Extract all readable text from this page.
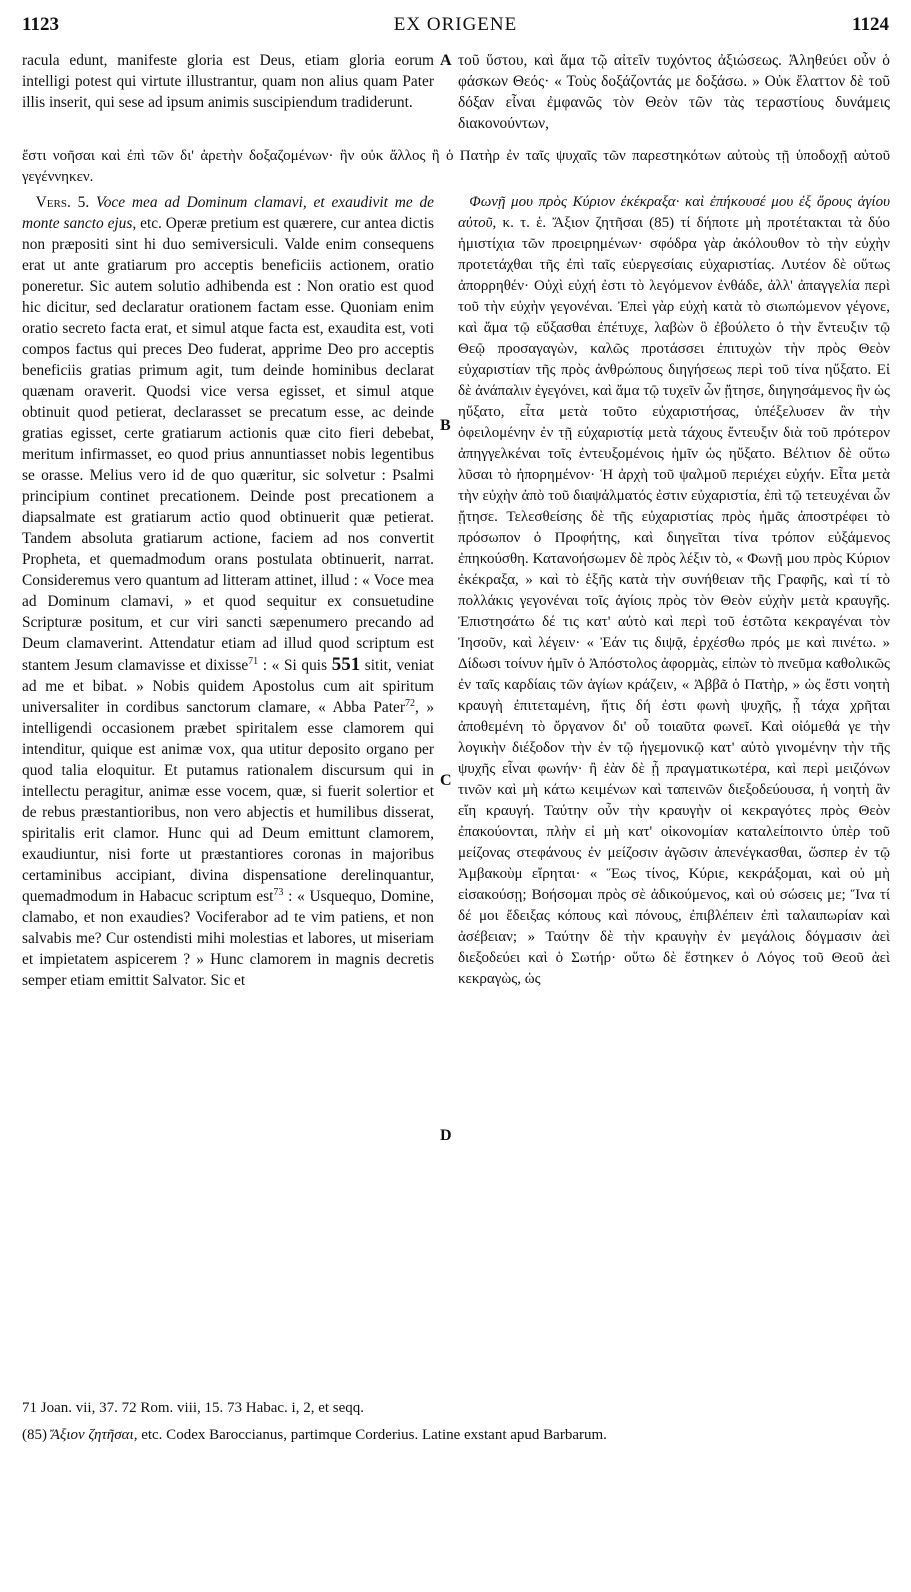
1123	EX ORIGENE	1124

racula edunt, manifeste gloria est Deus, etiam gloria eorum intelligi potest qui virtute illustrantur, quam non alius quam Pater illis inserit, qui sese ad ipsum animis suscipiendum tradiderunt.

τοῦ ὕστου, καὶ ἅμα τῷ αἰτεῖν τυχόντος ἀξιώσεως. Ἀληθεύει οὖν ὁ φάσκων Θεός· « Τοὺς δοξάζοντάς με δοξάσω. » Οὐκ ἔλαττον δὲ τοῦ δόξαν εἶναι ἐμφανῶς τὸν Θεὸν τῶν τὰς τεραστίους δυνάμεις διακονούντων,

ἔστι νοῆσαι καὶ ἐπὶ τῶν δι' ἀρετὴν δοξαζομένων· ἣν οὐκ ἄλλος ἢ ὁ Πατὴρ ἐν ταῖς ψυχαῖς τῶν παρεστηκότων αὐτοὺς τῇ ὑποδοχῇ αὐτοῦ γεγέννηκεν.

Vers. 5. Voce mea ad Dominum clamavi, et exaudivit me de monte sancto ejus, etc. Operæ pretium est quærere, cur antea dictis non præpositi sint hi duo semiversiculi. Valde enim consequens erat ut ante gratiarum pro acceptis beneficiis actionem, oratio poneretur. Sic autem solutio adhibenda est : Non oratio est quod hic dicitur, sed declaratur orationem factam esse. Quoniam enim oratio secreto facta erat, et simul atque facta est, exaudita est, voti compos factus qui preces Deo fuderat, apprime Deo pro acceptis beneficiis gratias primum agit, tum deinde hominibus declarat quænam oraverit. Quodsi vice versa egisset, et simul atque obtinuit quod petierat, declarasset se precatum esse, ac deinde gratias egisset, certe gratiarum actionis quæ cito fieri debebat, meritum infirmasset, eo quod prius annuntiasset nobis legentibus se orasse. Melius vero id de quo quæritur, sic solvetur : Psalmi principium continet precationem. Deinde post precationem a diapsalmate est gratiarum actio quod obtinuerit quæ petierat. Tandem absoluta gratiarum actione, faciem ad nos convertit Propheta, et quemadmodum orans postulata obtinuerit, narrat. Consideremus vero quantum ad litteram attinet, illud : « Voce mea ad Dominum clamavi, » et quod sequitur ex consuetudine Scripturæ positum, et cur viri sancti sæpenumero precando ad Deum clamaverint. Attendatur etiam ad illud quod scriptum est stantem Jesum clamavisse et dixisse$^{71}$ : « Si quis 551 sitit, veniat ad me et bibat. » Nobis quidem Apostolus cum ait spiritum universaliter in cordibus sanctorum clamare, « Abba Pater$^{72}$, » intelligendi occasionem præbet spiritalem esse clamorem qui intenditur, quique est animæ vox, qua utitur deposito organo per quod talia eloquitur. Et putamus rationalem discursum qui in intellectu peragitur, animæ esse vocem, quæ, si fuerit solertior et de rebus præstantioribus, non vero abjectis et humilibus disserat, spiritalis erit clamor. Hunc qui ad Deum emittunt clamorem, exaudiuntur, nisi forte ut præstantiores coronas in majoribus certaminibus accipiant, divina dispensatione derelinquantur, quemadmodum in Habacuc scriptum est$^{73}$ : « Usquequo, Domine, clamabo, et non exaudies? Vociferabor ad te vim patiens, et non salvabis me? Cur ostendisti mihi molestias et labores, ut miseriam et impietatem aspicerem ? » Hunc clamorem in magnis decretis semper etiam emittit Salvator. Sic et

Φωνῇ μου πρὸς Κύριον ἐκέκραξα· καὶ ἐπήκουσέ μου ἐξ ὄρους ἁγίου αὐτοῦ, κ. τ. ἑ. Ἄξιον ζητῆσαι (85) τί δήποτε μὴ προτέτακται τὰ δύο ἡμιστίχια τῶν προειρημένων· σφόδρα γὰρ ἀκόλουθον τὸ τὴν εὐχὴν προτετάχθαι τῆς ἐπὶ ταῖς εὐεργεσίαις εὐχαριστίας. Λυτέον δὲ οὕτως ἀπορρηθέν· Οὐχὶ εὐχή ἐστι τὸ λεγόμενον ἐνθάδε, ἀλλ' ἀπαγγελία περὶ τοῦ τὴν εὐχὴν γεγονέναι. Ἐπεὶ γὰρ εὐχὴ κατὰ τὸ σιωπώμενον γέγονε, καὶ ἅμα τῷ εὔξασθαι ἐπέτυχε, λαβὼν ὃ ἐβούλετο ὁ τὴν ἔντευξιν τῷ Θεῷ προσαγαγὼν, καλῶς προτάσσει ἐπιτυχὼν τὴν πρὸς Θεὸν εὐχαριστίαν τῆς πρὸς ἀνθρώπους διηγήσεως περὶ τοῦ τίνα ηὔξατο. Εἰ δὲ ἀνάπαλιν ἐγεγόνει, καὶ ἅμα τῷ τυχεῖν ὧν ᾔτησε, διηγησάμενος ἣν ὡς ηὔξατο, εἶτα μετὰ τοῦτο εὐχαριστήσας, ὑπέξελυσεν ἂν τὴν ὀφειλομένην ἐν τῇ εὐχαριστίᾳ μετὰ τάχους ἔντευξιν διὰ τοῦ πρότερον ἀπηγγελκέναι τοῖς ἐντευξομένοις ἡμῖν ὡς ηὔξατο. Βέλτιον δὲ οὕτω λῦσαι τὸ ἠπορημένον· Ἡ ἀρχὴ τοῦ ψαλμοῦ περιέχει εὐχήν. Εἶτα μετὰ τὴν εὐχὴν ἀπὸ τοῦ διαψάλματός ἐστιν εὐχαριστία, ἐπὶ τῷ τετευχέναι ὧν ᾔτησε. Τελεσθείσης δὲ τῆς εὐχαριστίας πρὸς ἡμᾶς ἀποστρέφει τὸ πρόσωπον ὁ Προφήτης, καὶ διηγεῖται τίνα τρόπον εὐξάμενος ἐπηκούσθη. Κατανοήσωμεν δὲ πρὸς λέξιν τὸ, « Φωνῇ μου πρὸς Κύριον ἐκέκραξα, » καὶ τὸ ἑξῆς κατὰ τὴν συνήθειαν τῆς Γραφῆς, καὶ τί τὸ πολλάκις γεγονέναι τοῖς ἁγίοις πρὸς τὸν Θεὸν εὐχὴν μετὰ κραυγῆς. Ἐπιστησάτω δέ τις κατ' αὐτὸ καὶ περὶ τοῦ ἑστῶτα κεκραγέναι τὸν Ἰησοῦν, καὶ λέγειν· « Ἐάν τις διψᾷ, ἐρχέσθω πρός με καὶ πινέτω. » Δίδωσι τοίνυν ἡμῖν ὁ Ἀπόστολος ἀφορμὰς, εἰπὼν τὸ πνεῦμα καθολικῶς ἐν ταῖς καρδίαις τῶν ἁγίων κράζειν, « Ἀββᾶ ὁ Πατὴρ, » ὡς ἔστι νοητὴ κραυγὴ ἐπιτεταμένη, ἥτις δή ἐστι φωνὴ ψυχῆς, ᾗ τάχα χρῆται ἀποθεμένη τὸ ὄργανον δι' οὗ τοιαῦτα φωνεῖ. Καὶ οἰόμεθά γε τὴν λογικὴν διέξοδον τὴν ἐν τῷ ἡγεμονικῷ κατ' αὐτὸ γινομένην τὴν τῆς ψυχῆς εἶναι φωνήν· ἢ ἐὰν δὲ ᾖ πραγματικωτέρα, καὶ περὶ μειζόνων τινῶν καὶ μὴ κάτω κειμένων καὶ ταπεινῶν διεξοδεύουσα, ἡ νοητὴ ἂν εἴη κραυγή. Ταύτην οὖν τὴν κραυγὴν οἱ κεκραγότες πρὸς Θεὸν ἐπακούονται, πλὴν εἰ μὴ κατ' οἰκονομίαν καταλείποιντο ὑπὲρ τοῦ μείζονας στεφάνους ἐν μείζοσιν ἀγῶσιν ἀπενέγκασθαι, ὥσπερ ἐν τῷ Ἀμβακοὺμ εἴρηται· « Ἕως τίνος, Κύριε, κεκράξομαι, καὶ οὐ μὴ εἰσακούσῃ; Βοήσομαι πρὸς σὲ ἀδικούμενος, καὶ οὐ σώσεις με; Ἵνα τί δέ μοι ἔδειξας κόπους καὶ πόνους, ἐπιβλέπειν ἐπὶ ταλαιπωρίαν καὶ ἀσέβειαν; » Ταύτην δὲ τὴν κραυγὴν ἐν μεγάλοις δόγμασιν ἀεὶ διεξοδεύει καὶ ὁ Σωτήρ· οὕτω δὲ ἕστηκεν ὁ Λόγος τοῦ Θεοῦ ἀεὶ κεκραγὼς, ὡς

A
B
C
D

71 Joan. vii, 37. 72 Rom. viii, 15. 73 Habac. i, 2, et seqq.

(85) Ἄξιον ζητῆσαι, etc. Codex Baroccianus, partimque Corderius. Latine exstant apud Barbarum.
